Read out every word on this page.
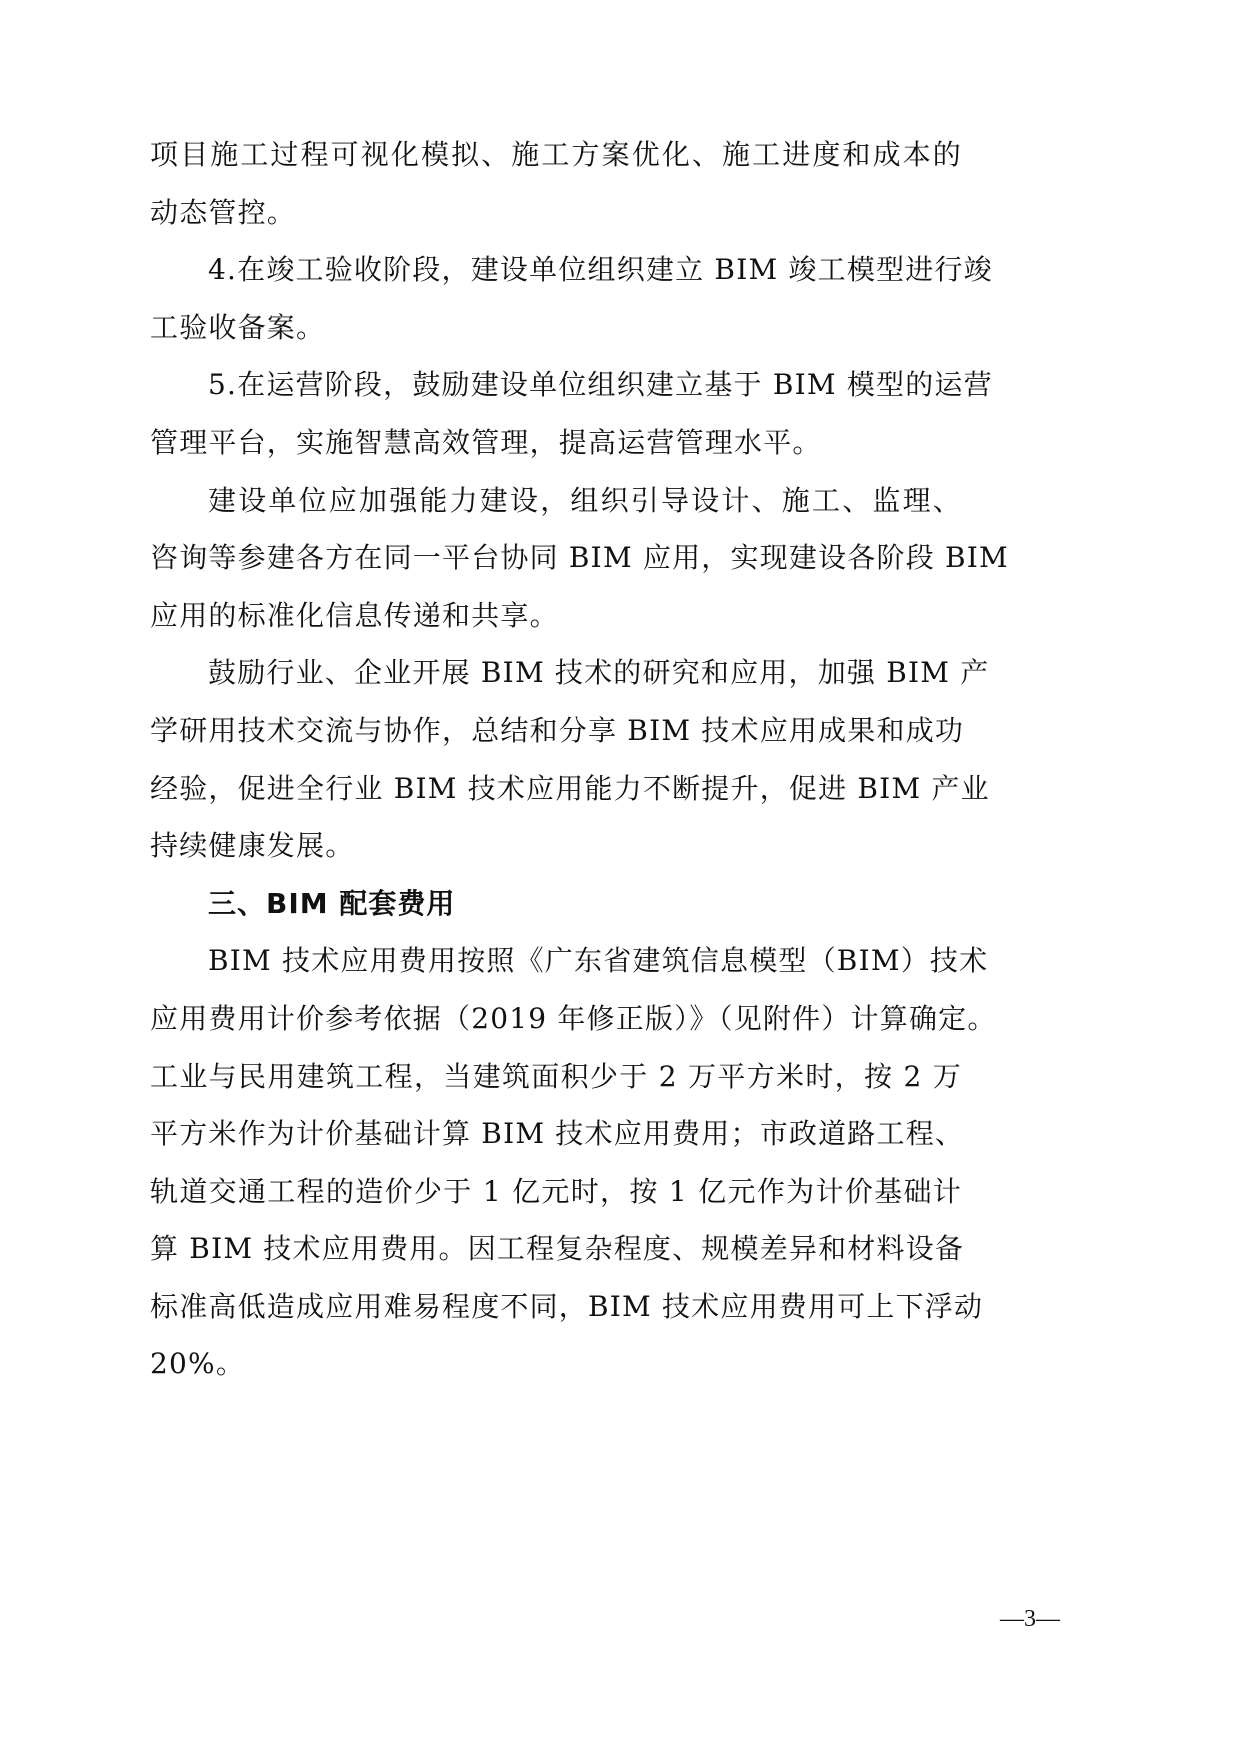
项目施工过程可视化模拟、施工方案优化、施工进度和成本的
动态管控。
4.在竣工验收阶段，建设单位组织建立 BIM 竣工模型进行竣
工验收备案。
5.在运营阶段，鼓励建设单位组织建立基于 BIM 模型的运营
管理平台，实施智慧高效管理，提高运营管理水平。
建设单位应加强能力建设，组织引导设计、施工、监理、
咨询等参建各方在同一平台协同 BIM 应用，实现建设各阶段 BIM
应用的标准化信息传递和共享。
鼓励行业、企业开展 BIM 技术的研究和应用，加强 BIM 产
学研用技术交流与协作，总结和分享 BIM 技术应用成果和成功
经验，促进全行业 BIM 技术应用能力不断提升，促进 BIM 产业
持续健康发展。
三、BIM 配套费用
BIM 技术应用费用按照《广东省建筑信息模型（BIM）技术
应用费用计价参考依据（2019 年修正版）》（见附件）计算确定。
工业与民用建筑工程，当建筑面积少于 2 万平方米时，按 2 万
平方米作为计价基础计算 BIM 技术应用费用；市政道路工程、
轨道交通工程的造价少于 1 亿元时，按 1 亿元作为计价基础计
算 BIM 技术应用费用。因工程复杂程度、规模差异和材料设备
标准高低造成应用难易程度不同，BIM 技术应用费用可上下浮动
20%。
—3—
